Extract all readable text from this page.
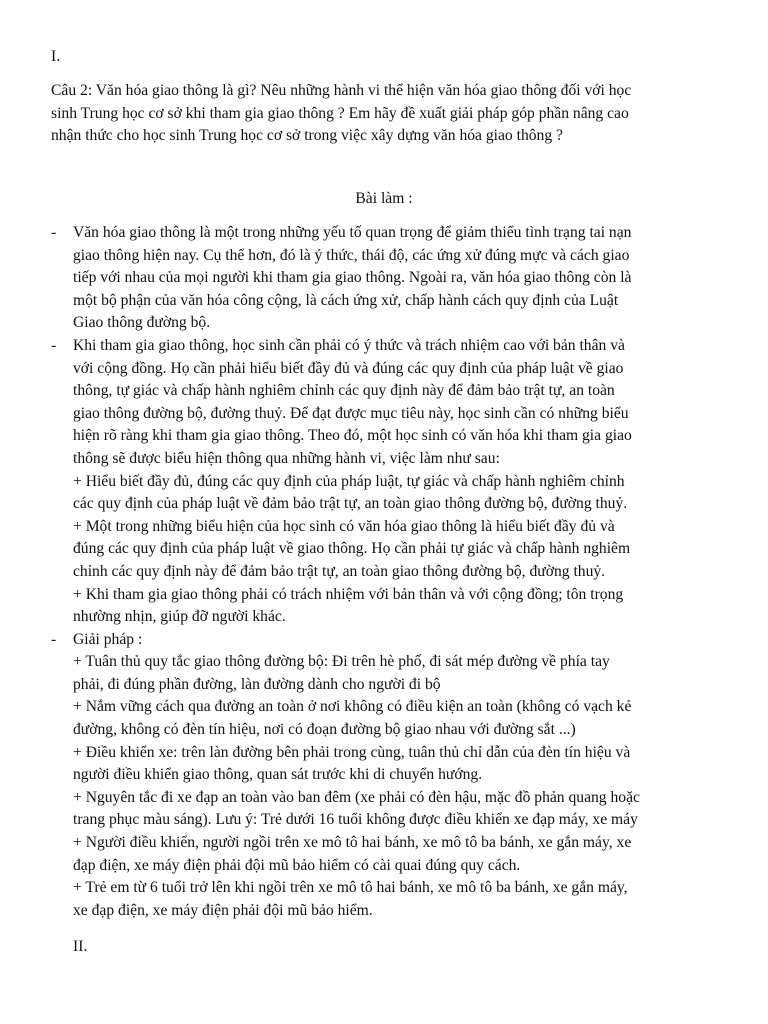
I.
Câu 2: Văn hóa giao thông là gì? Nêu những hành vi thể hiện văn hóa giao thông đối với học
sinh Trung học cơ sở khi tham gia giao thông ? Em hãy đề xuất giải pháp góp phần nâng cao
nhận thức cho học sinh Trung học cơ sở trong việc xây dựng văn hóa giao thông ?
Bài làm :
- Văn hóa giao thông là một trong những yếu tố quan trọng để giảm thiểu tình trạng tai nạn
giao thông hiện nay. Cụ thể hơn, đó là ý thức, thái độ, các ứng xử đúng mực và cách giao
tiếp với nhau của mọi người khi tham gia giao thông. Ngoài ra, văn hóa giao thông còn là
một bộ phận của văn hóa công cộng, là cách ứng xử, chấp hành cách quy định của Luật
Giao thông đường bộ.
- Khi tham gia giao thông, học sinh cần phải có ý thức và trách nhiệm cao với bản thân và
với cộng đồng. Họ cần phải hiểu biết đầy đủ và đúng các quy định của pháp luật về giao
thông, tự giác và chấp hành nghiêm chỉnh các quy định này để đảm bảo trật tự, an toàn
giao thông đường bộ, đường thuỷ. Để đạt được mục tiêu này, học sinh cần có những biểu
hiện rõ ràng khi tham gia giao thông. Theo đó, một học sinh có văn hóa khi tham gia giao
thông sẽ được biểu hiện thông qua những hành vi, việc làm như sau:
+ Hiểu biết đầy đủ, đúng các quy định của pháp luật, tự giác và chấp hành nghiêm chỉnh
các quy định của pháp luật về đảm bảo trật tự, an toàn giao thông đường bộ, đường thuỷ.
+ Một trong những biểu hiện của học sinh có văn hóa giao thông là hiểu biết đầy đủ và
đúng các quy định của pháp luật về giao thông. Họ cần phải tự giác và chấp hành nghiêm
chỉnh các quy định này để đảm bảo trật tự, an toàn giao thông đường bộ, đường thuỷ.
+ Khi tham gia giao thông phải có trách nhiệm với bản thân và với cộng đồng; tôn trọng
nhường nhịn, giúp đỡ người khác.
- Giải pháp :
+ Tuân thủ quy tắc giao thông đường bộ: Đi trên hè phố, đi sát mép đường về phía tay
phải, đi đúng phần đường, làn đường dành cho người đi bộ
+ Nắm vững cách qua đường an toàn ở nơi không có điều kiện an toàn (không có vạch kẻ
đường, không có đèn tín hiệu, nơi có đoạn đường bộ giao nhau với đường sắt ...)
+ Điều khiển xe: trên làn đường bên phải trong cùng, tuân thủ chỉ dẫn của đèn tín hiệu và
người điều khiển giao thông, quan sát trước khi di chuyển hướng.
+ Nguyên tắc đi xe đạp an toàn vào ban đêm (xe phải có đèn hậu, mặc đồ phản quang hoặc
trang phục màu sáng). Lưu ý: Trẻ dưới 16 tuổi không được điều khiển xe đạp máy, xe máy
+ Người điều khiển, người ngồi trên xe mô tô hai bánh, xe mô tô ba bánh, xe gắn máy, xe
đạp điện, xe máy điện phải đội mũ bảo hiểm có cài quai đúng quy cách.
+ Trẻ em từ 6 tuổi trở lên khi ngồi trên xe mô tô hai bánh, xe mô tô ba bánh, xe gắn máy,
xe đạp điện, xe máy điện phải đội mũ bảo hiểm.
II.
